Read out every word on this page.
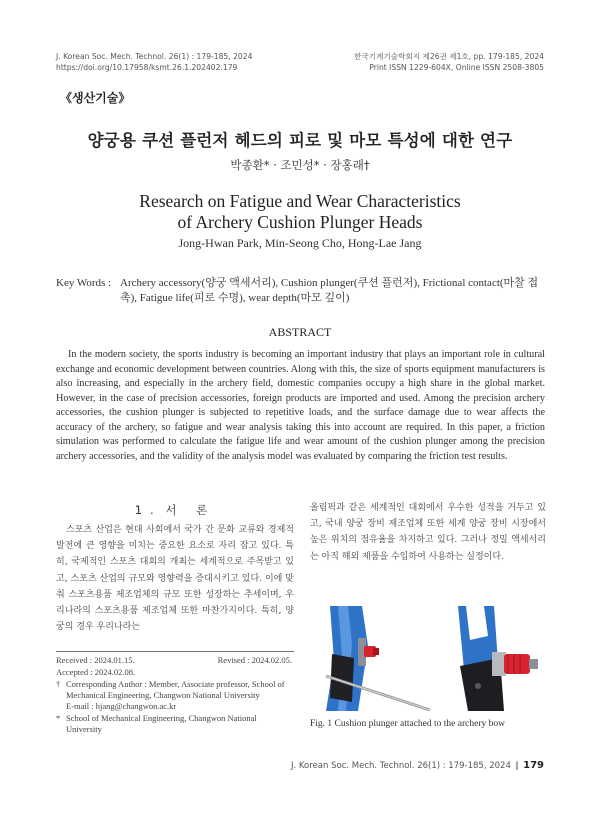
J. Korean Soc. Mech. Technol. 26(1) : 179-185, 2024
https://doi.org/10.17958/ksmt.26.1.202402.179
한국기계기술학회지 제26권 제1호, pp. 179-185, 2024
Print ISSN 1229-604X, Online ISSN 2508-3805
《생산기술》
양궁용 쿠션 플런저 헤드의 피로 및 마모 특성에 대한 연구
박종환* · 조민성* · 장홍래†
Research on Fatigue and Wear Characteristics
of Archery Cushion Plunger Heads
Jong-Hwan Park, Min-Seong Cho, Hong-Lae Jang
Key Words : Archery accessory(양궁 액세서리), Cushion plunger(쿠션 플런저), Frictional contact(마찰 접촉), Fatigue life(피로 수명), wear depth(마모 깊이)
ABSTRACT
In the modern society, the sports industry is becoming an important industry that plays an important role in cultural exchange and economic development between countries. Along with this, the size of sports equipment manufacturers is also increasing, and especially in the archery field, domestic companies occupy a high share in the global market. However, in the case of precision accessories, foreign products are imported and used. Among the precision archery accessories, the cushion plunger is subjected to repetitive loads, and the surface damage due to wear affects the accuracy of the archery, so fatigue and wear analysis taking this into account are required. In this paper, a friction simulation was performed to calculate the fatigue life and wear amount of the cushion plunger among the precision archery accessories, and the validity of the analysis model was evaluated by comparing the friction test results.
1. 서 론
스포츠 산업은 현대 사회에서 국가 간 문화 교류와 경제적 발전에 큰 영향을 미치는 중요한 요소로 자리 잡고 있다. 특히, 국제적인 스포츠 대회의 개최는 세계적으로 주목받고 있고, 스포츠 산업의 규모와 영향력을 증대시키고 있다. 이에 맞춰 스포츠용품 제조업체의 규모 또한 성장하는 추세이며, 우리나라의 스포츠용품 제조업체 또한 마찬가지이다. 특히, 양궁의 경우 우리나라는
올림픽과 같은 세계적인 대회에서 우수한 성적을 거두고 있고, 국내 양궁 장비 제조업체 또한 세계 양궁 장비 시장에서 높은 위치의 점유율을 차지하고 있다. 그러나 정밀 액세서리는 아직 해외 제품을 수입하여 사용하는 실정이다.
Received : 2024.01.15.	Revised : 2024.02.05.
Accepted : 2024.02.08.
† Corresponding Author : Member, Associate professor, School of Mechanical Engineering, Changwon National University
E-mail : hjang@changwon.ac.kr
* School of Mechanical Engineering, Changwon National University
Fig. 1 Cushion plunger attached to the archery bow
J. Korean Soc. Mech. Technol. 26(1) : 179-185, 2024 ∥ 179
